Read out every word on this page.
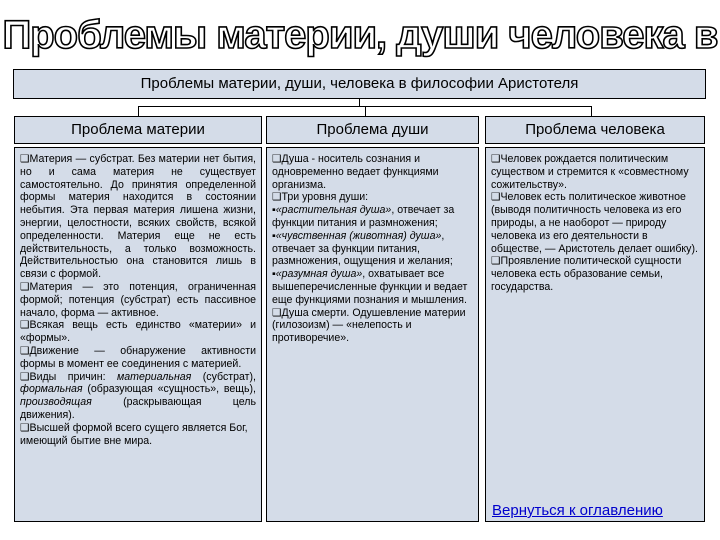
Проблемы материи, души человека в
Проблемы материи, души, человека в философии Аристотеля
Проблема материи

❑Материя — субстрат. Без материи нет бытия, но и сама материя не существует самостоятельно. До принятия определенной формы материя находится в состоянии небытия. Эта первая материя лишена жизни, энергии, целостности, всяких свойств, всякой определенности. Материя еще не есть действительность, а только возможность. Действительностью она становится лишь в связи с формой.

❑Материя — это потенция, ограниченная формой; потенция (субстрат) есть пассивное начало, форма — активное.

❑Всякая вещь есть единство «материи» и «формы».

❑Движение — обнаружение активности формы в момент ее соединения с материей.

❑Виды причин: материальная (субстрат), формальная (образующая «сущность», вещь), производящая (раскрывающая цель движения).

❑Высшей формой всего сущего является Бог, имеющий бытие вне мира.

Проблема души

❑Душа - носитель сознания и одновременно ведает функциями организма.

❑Три уровня души:

▪«растительная душа», отвечает за функции питания и размножения;

▪«чувственная (животная) душа», отвечает за функции питания, размножения, ощущения и желания;

▪«разумная душа», охватывает все вышеперечисленные функции и ведает еще функциями познания и мышления.

❑Душа смерти. Одушевление материи (гилозоизм) — «нелепость и противоречие».

Проблема человека

❑Человек рождается политическим существом и стремится к «совместному сожительству».

❑Человек есть политическое животное (выводя политичность человека из его природы, а не наоборот — природу человека из его деятельности в обществе, — Аристотель делает ошибку).

❑Проявление политической сущности человека есть образование семьи, государства.

Вернуться к оглавлению
